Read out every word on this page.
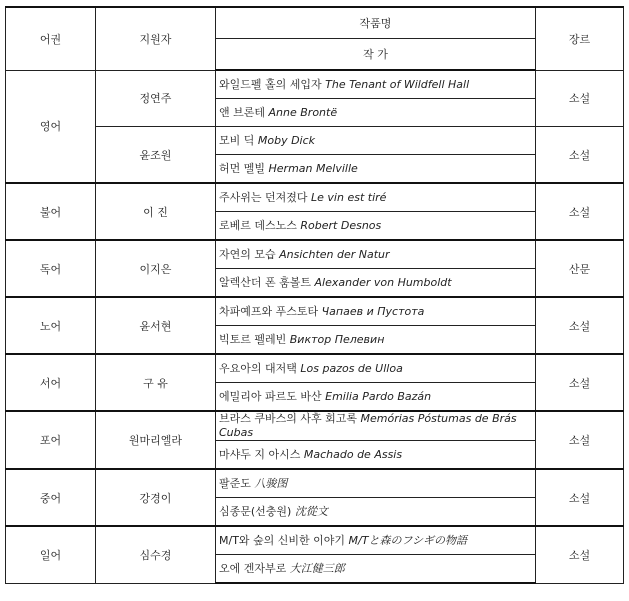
어권	지원자	작품명	장르
		작 가	
영어	정연주	와일드펠 홀의 세입자 The Tenant of Wildfell Hall	소설
		앤 브론테 Anne Brontë	
	윤조원	모비 딕 Moby Dick	소설
		허먼 멜빌 Herman Melville	
불어	이 진	주사위는 던져졌다 Le vin est tiré	소설
		로베르 데스노스 Robert Desnos	
독어	이지은	자연의 모습 Ansichten der Natur	산문
		알렉산더 폰 훔볼트 Alexander von Humboldt	
노어	윤서현	차파예프와 푸스토타 Чапаев и Пустота	소설
		빅토르 펠레빈 Виктор Пелевин	
서어	구 유	우요아의 대저택 Los pazos de Ulloa	소설
		에밀리아 파르도 바산 Emilia Pardo Bazán	
포어	원마리엘라	브라스 쿠바스의 사후 회고록 Memórias Póstumas de Brás Cubas	소설
		마샤두 지 아시스 Machado de Assis	
중어	강경이	팔준도 八骏图	소설
		심종문(선충원) 沈從文	
일어	심수경	M/T와 숲의 신비한 이야기 M/Tと森のフシギの物語	소설
		오에 겐자부로 大江健三郎	
